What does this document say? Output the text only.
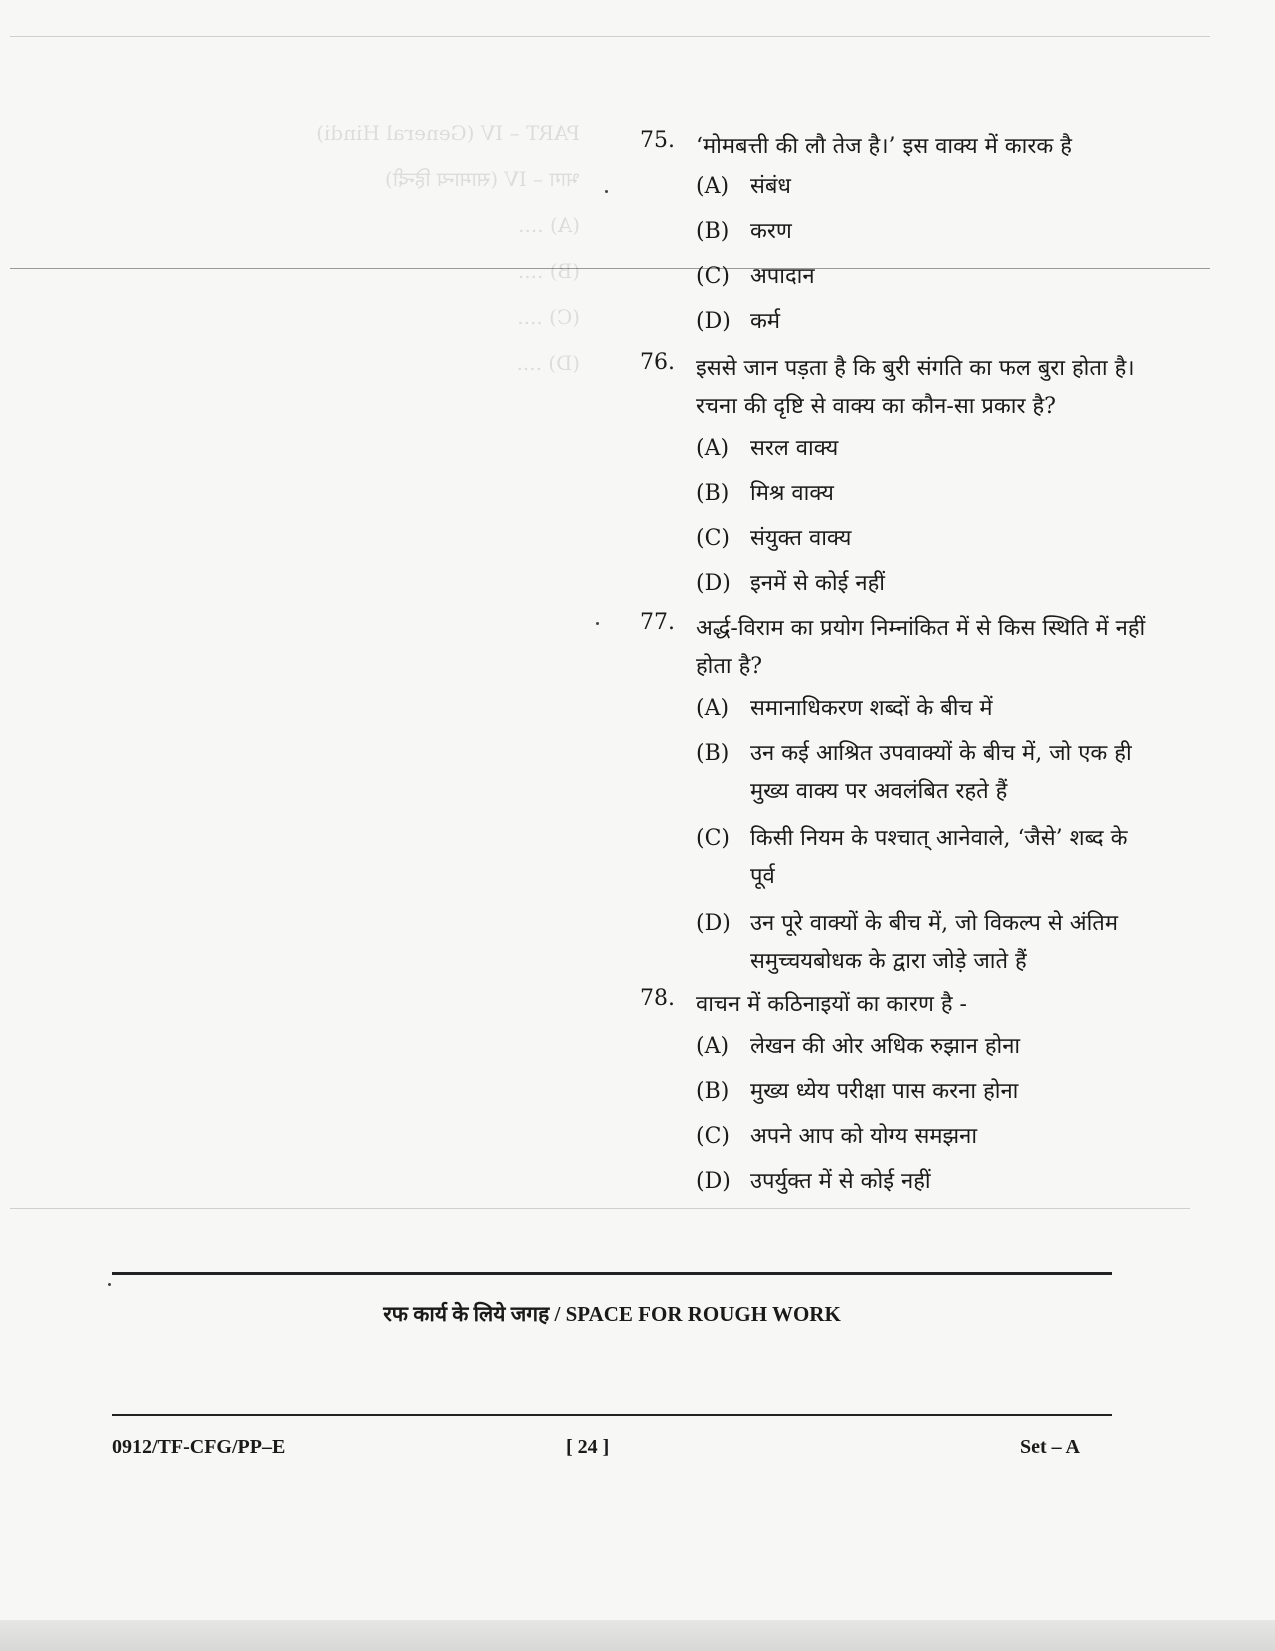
PART – IV (General Hindi)
भाग – IV (सामान्य हिन्दी)
(A) ....
(B) ....
(C) ....
(D) ....
75. ‘मोमबत्ती की लौ तेज है।’ इस वाक्य में कारक है
(A) संबंध
(B) करण
(C) अपादान
(D) कर्म
76. इससे जान पड़ता है कि बुरी संगति का फल बुरा होता है। रचना की दृष्टि से वाक्य का कौन-सा प्रकार है?
(A) सरल वाक्य
(B) मिश्र वाक्य
(C) संयुक्त वाक्य
(D) इनमें से कोई नहीं
77. अर्द्ध-विराम का प्रयोग निम्नांकित में से किस स्थिति में नहीं होता है?
(A) समानाधिकरण शब्दों के बीच में
(B) उन कई आश्रित उपवाक्यों के बीच में, जो एक ही मुख्य वाक्य पर अवलंबित रहते हैं
(C) किसी नियम के पश्चात् आनेवाले, ‘जैसे’ शब्द के पूर्व
(D) उन पूरे वाक्यों के बीच में, जो विकल्प से अंतिम समुच्चयबोधक के द्वारा जोड़े जाते हैं
78. वाचन में कठिनाइयों का कारण है -
(A) लेखन की ओर अधिक रुझान होना
(B) मुख्य ध्येय परीक्षा पास करना होना
(C) अपने आप को योग्य समझना
(D) उपर्युक्त में से कोई नहीं
रफ कार्य के लिये जगह / SPACE FOR ROUGH WORK
0912/TF-CFG/PP–E	[ 24 ]	Set – A
